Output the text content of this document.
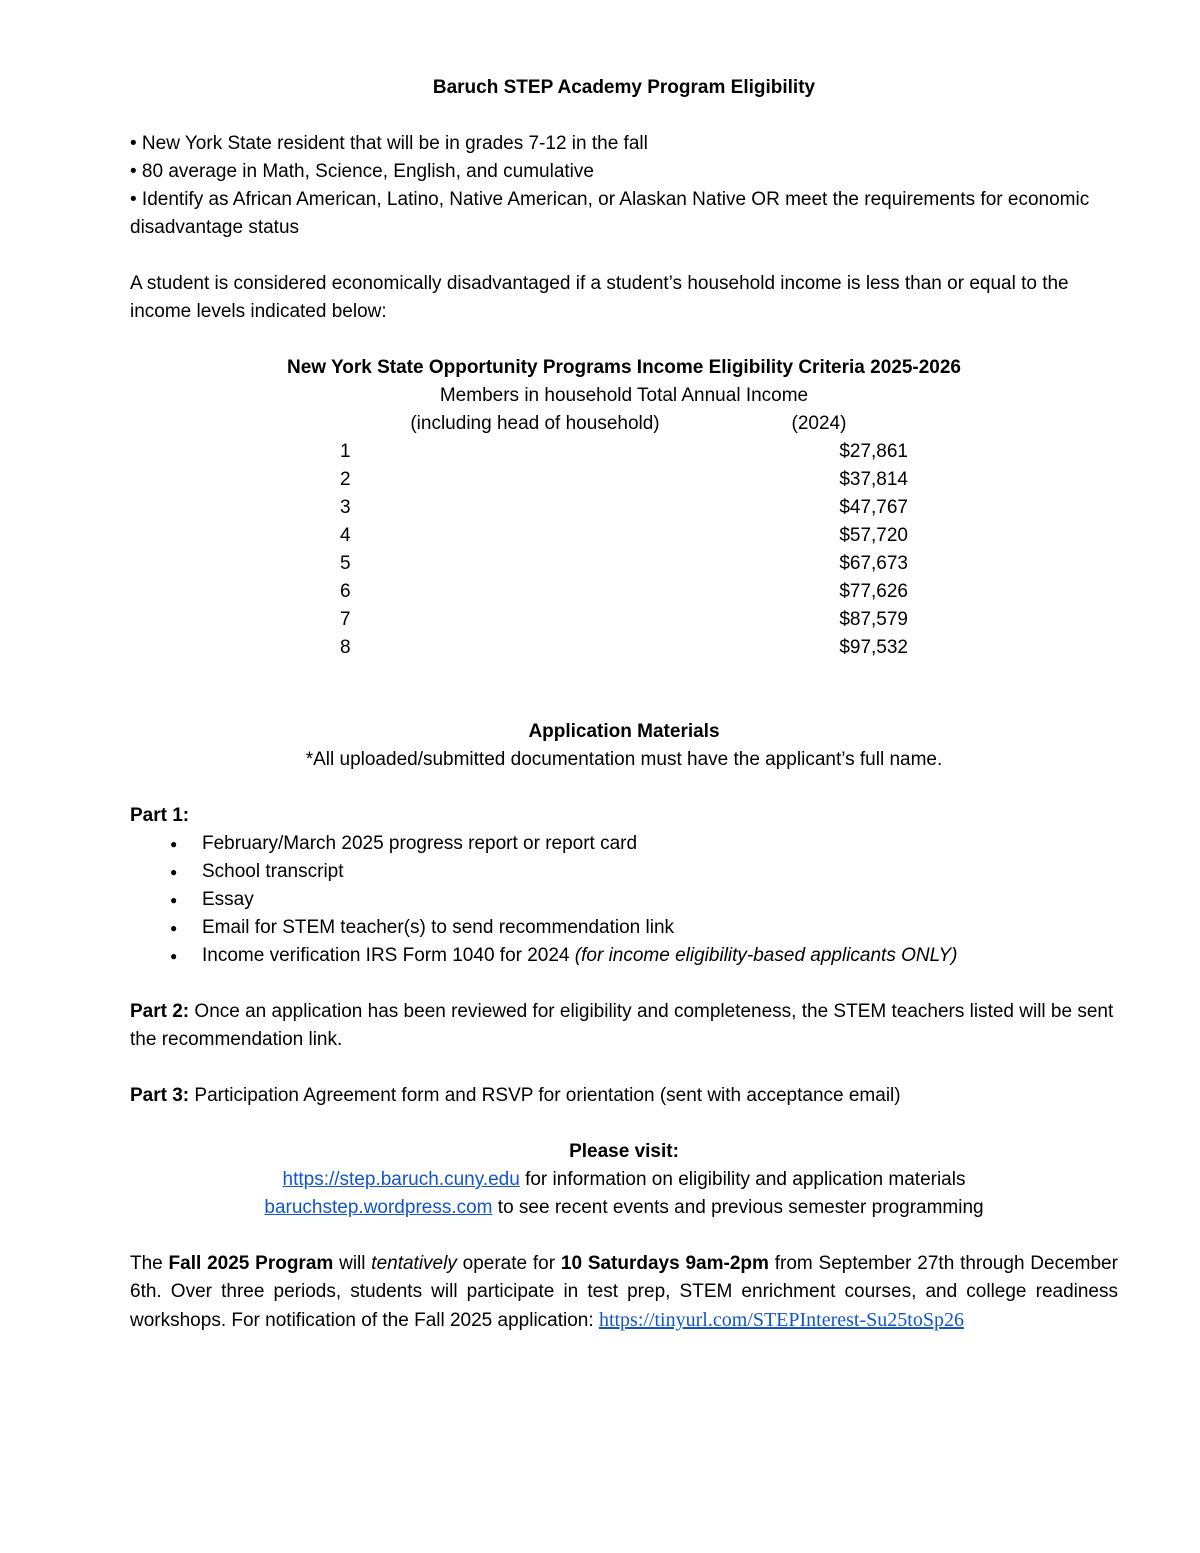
Baruch STEP Academy Program Eligibility

• New York State resident that will be in grades 7-12 in the fall

• 80 average in Math, Science, English, and cumulative

• Identify as African American, Latino, Native American, or Alaskan Native OR meet the requirements for economic disadvantage status

A student is considered economically disadvantaged if a student’s household income is less than or equal to the income levels indicated below:

New York State Opportunity Programs Income Eligibility Criteria 2025-2026

Members in household Total Annual Income

(including head of household)	(2024)
1	$27,861
2	$37,814
3	$47,767
4	$57,720
5	$67,673
6	$77,626
7	$87,579
8	$97,532

Application Materials

*All uploaded/submitted documentation must have the applicant’s full name.

Part 1:

● February/March 2025 progress report or report card
● School transcript
● Essay
● Email for STEM teacher(s) to send recommendation link
● Income verification IRS Form 1040 for 2024 (for income eligibility-based applicants ONLY)

Part 2: Once an application has been reviewed for eligibility and completeness, the STEM teachers listed will be sent the recommendation link.

Part 3: Participation Agreement form and RSVP for orientation (sent with acceptance email)

Please visit:

https://step.baruch.cuny.edu for information on eligibility and application materials

baruchstep.wordpress.com to see recent events and previous semester programming

The Fall 2025 Program will tentatively operate for 10 Saturdays 9am-2pm from September 27th through December 6th. Over three periods, students will participate in test prep, STEM enrichment courses, and college readiness workshops. For notification of the Fall 2025 application: https://tinyurl.com/STEPInterest-Su25toSp26
